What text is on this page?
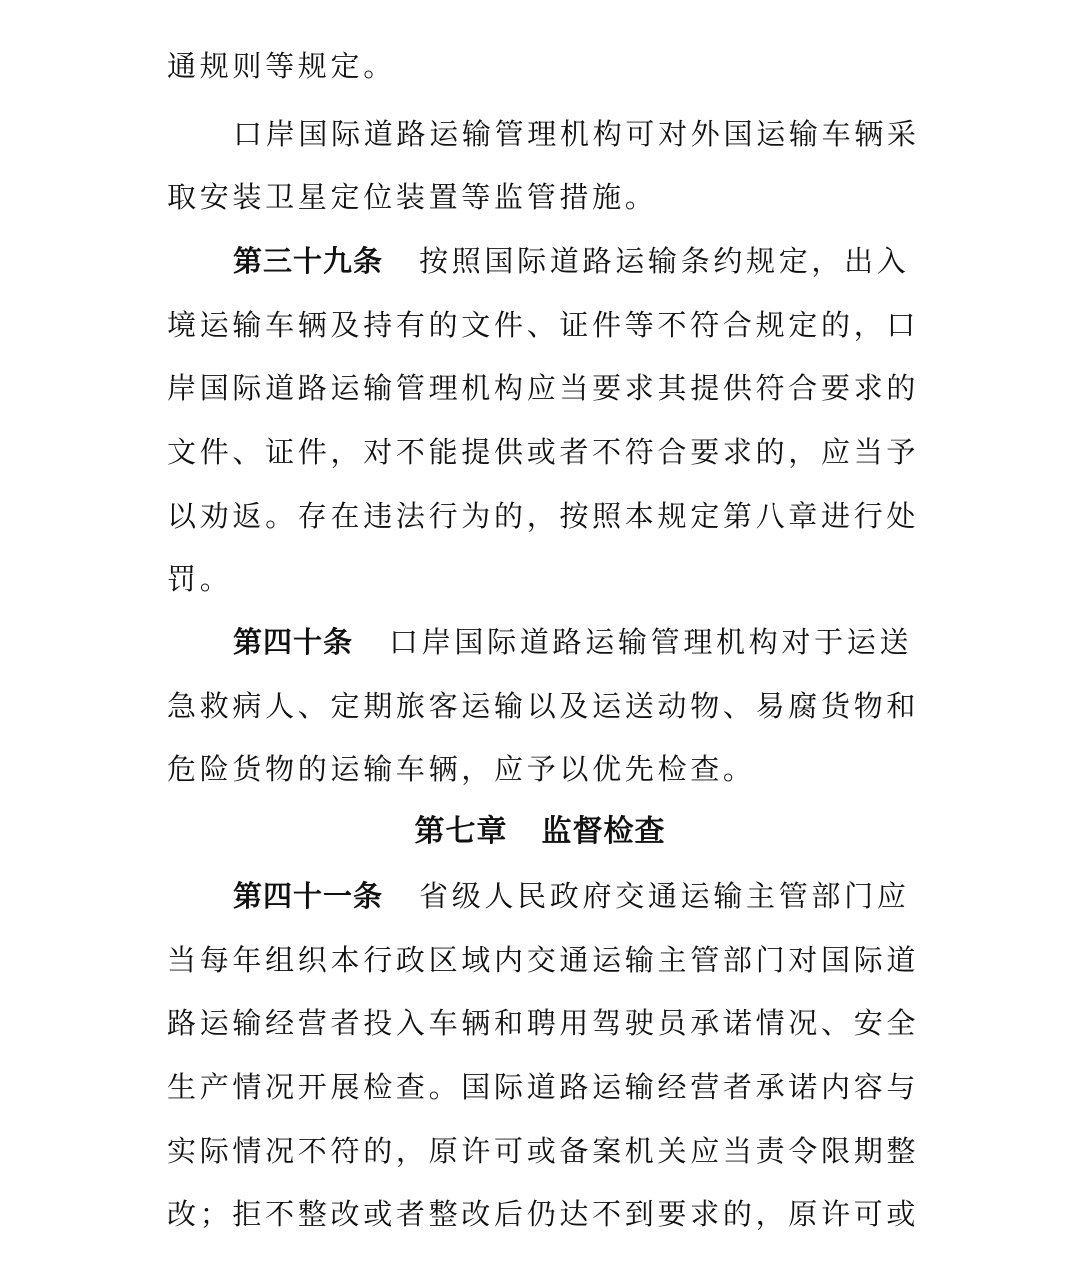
通规则等规定。
口岸国际道路运输管理机构可对外国运输车辆采
取安装卫星定位装置等监管措施。
第三十九条 按照国际道路运输条约规定，出入
境运输车辆及持有的文件、证件等不符合规定的，口
岸国际道路运输管理机构应当要求其提供符合要求的
文件、证件，对不能提供或者不符合要求的，应当予
以劝返。存在违法行为的，按照本规定第八章进行处
罚。
第四十条 口岸国际道路运输管理机构对于运送
急救病人、定期旅客运输以及运送动物、易腐货物和
危险货物的运输车辆，应予以优先检查。
第七章 监督检查
第四十一条 省级人民政府交通运输主管部门应
当每年组织本行政区域内交通运输主管部门对国际道
路运输经营者投入车辆和聘用驾驶员承诺情况、安全
生产情况开展检查。国际道路运输经营者承诺内容与
实际情况不符的，原许可或备案机关应当责令限期整
改；拒不整改或者整改后仍达不到要求的，原许可或
